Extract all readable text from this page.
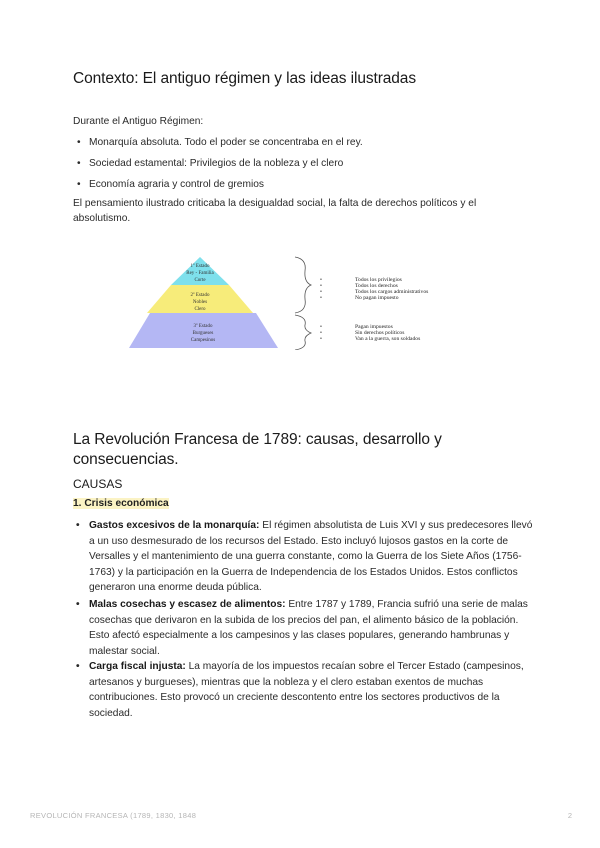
Contexto: El antiguo régimen y las ideas ilustradas
Durante el Antiguo Régimen:
• Monarquía absoluta. Todo el poder se concentraba en el rey.
• Sociedad estamental: Privilegios de la nobleza y el clero
• Economía agraria y control de gremios
El pensamiento ilustrado criticaba la desigualdad social, la falta de derechos políticos y el absolutismo.
1º Estado
Rey - Familia
Corte
2º Estado
Nobles
Clero
3º Estado
Burgueses
Campesinos
•
•
•
•
Todos los privilegios
Todos los derechos
Todos los cargos administrativos
No pagan impuesto
•
•
•
Pagan impuestos
Sin derechos políticos
Van a la guerra, son soldados
La Revolución Francesa de 1789: causas, desarrollo y consecuencias.
CAUSAS
1. Crisis económica
• Gastos excesivos de la monarquía: El régimen absolutista de Luis XVI y sus predecesores llevó a un uso desmesurado de los recursos del Estado. Esto incluyó lujosos gastos en la corte de Versalles y el mantenimiento de una guerra constante, como la Guerra de los Siete Años (1756-1763) y la participación en la Guerra de Independencia de los Estados Unidos. Estos conflictos generaron una enorme deuda pública.
• Malas cosechas y escasez de alimentos: Entre 1787 y 1789, Francia sufrió una serie de malas cosechas que derivaron en la subida de los precios del pan, el alimento básico de la población. Esto afectó especialmente a los campesinos y las clases populares, generando hambrunas y malestar social.
• Carga fiscal injusta: La mayoría de los impuestos recaían sobre el Tercer Estado (campesinos, artesanos y burgueses), mientras que la nobleza y el clero estaban exentos de muchas contribuciones. Esto provocó un creciente descontento entre los sectores productivos de la sociedad.
REVOLUCIÓN FRANCESA (1789, 1830, 1848	2
